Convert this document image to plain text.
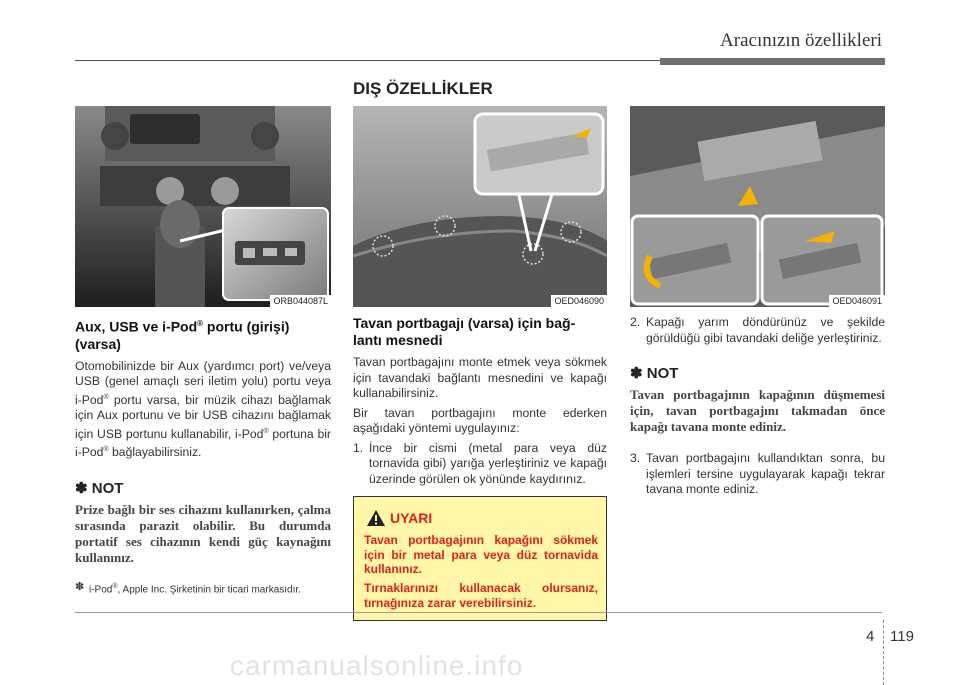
Aracınızın özellikleri
DIŞ ÖZELLİKLER
ORB044087L	OED046090	OED046091
Aux, USB ve i-Pod® portu (girişi)
(varsa)
Otomobilinizde bir Aux (yardımcı port) ve/veya USB (genel amaçlı seri iletim yolu) portu veya i-Pod® portu varsa, bir müzik cihazı bağlamak için Aux portunu ve bir USB cihazını bağlamak için USB portunu kullanabilir, i-Pod® portuna bir i-Pod® bağlayabilirsiniz.
✽ NOT
Prize bağlı bir ses cihazını kullanırken, çalma sırasında parazit olabilir. Bu durumda portatif ses cihazının kendi güç kaynağını kullanınız.
✽ i-Pod®, Apple Inc. Şirketinin bir ticari markasıdır.
Tavan portbagajı (varsa) için bağ-
lantı mesnedi
Tavan portbagajını monte etmek veya sökmek için tavandaki bağlantı mesnedini ve kapağı kullanabilirsiniz.
Bir tavan portbagajını monte ederken aşağıdaki yöntemi uygulayınız:
1. İnce bir cismi (metal para veya düz tornavida gibi) yarığa yerleştiriniz ve kapağı üzerinde görülen ok yönünde kaydırınız.
UYARI
Tavan portbagajının kapağını sökmek için bir metal para veya düz tornavida kullanınız.
Tırnaklarınızı kullanacak olursanız, tırnağınıza zarar verebilirsiniz.
2. Kapağı yarım döndürünüz ve şekilde görüldüğü gibi tavandaki deliğe yerleştiriniz.
✽ NOT
Tavan portbagajının kapağının düşmemesi için, tavan portbagajını takmadan önce kapağı tavana monte ediniz.
3. Tavan portbagajını kullandıktan sonra, bu işlemleri tersine uygulayarak kapağı tekrar tavana monte ediniz.
4 119
carmanualsonline.info
